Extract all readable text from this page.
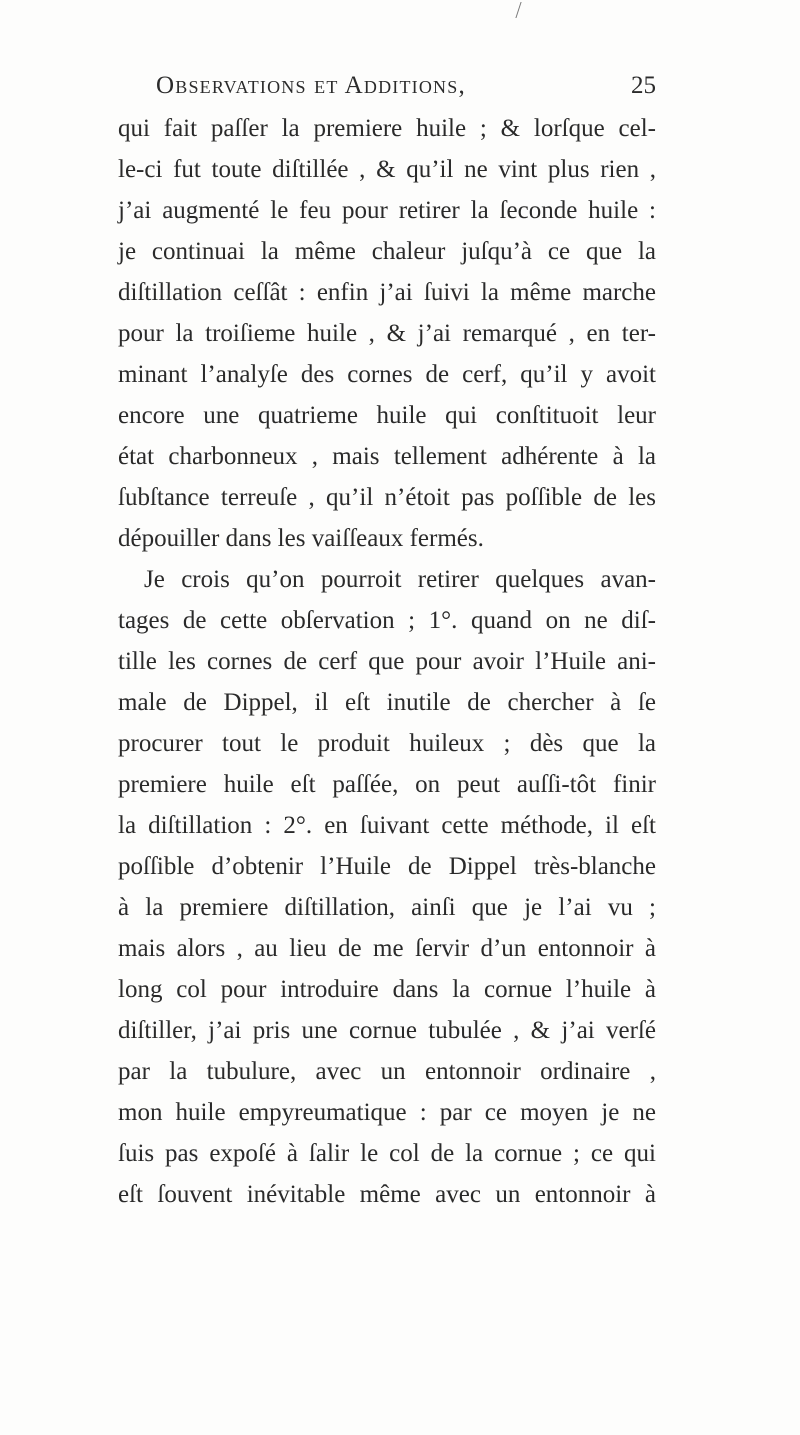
Observations et Additions,	25
qui fait paſſer la premiere huile ; & lorſque cel-
le-ci fut toute diſtillée , & qu’il ne vint plus rien ,
j’ai augmenté le feu pour retirer la ſeconde huile :
je continuai la même chaleur juſqu’à ce que la
diſtillation ceſſât : enfin j’ai ſuivi la même marche
pour la troiſieme huile , & j’ai remarqué , en ter-
minant l’analyſe des cornes de cerf, qu’il y avoit
encore une quatrieme huile qui conſtituoit leur
état charbonneux , mais tellement adhérente à la
ſubſtance terreuſe , qu’il n’étoit pas poſſible de les
dépouiller dans les vaiſſeaux fermés.
Je crois qu’on pourroit retirer quelques avan-
tages de cette obſervation ; 1°. quand on ne diſ-
tille les cornes de cerf que pour avoir l’Huile ani-
male de Dippel, il eſt inutile de chercher à ſe
procurer tout le produit huileux ; dès que la
premiere huile eſt paſſée, on peut auſſi-tôt finir
la diſtillation : 2°. en ſuivant cette méthode, il eſt
poſſible d’obtenir l’Huile de Dippel très-blanche
à la premiere diſtillation, ainſi que je l’ai vu ;
mais alors , au lieu de me ſervir d’un entonnoir à
long col pour introduire dans la cornue l’huile à
diſtiller, j’ai pris une cornue tubulée , & j’ai verſé
par la tubulure, avec un entonnoir ordinaire ,
mon huile empyreumatique : par ce moyen je ne
ſuis pas expoſé à ſalir le col de la cornue ; ce qui
eſt ſouvent inévitable même avec un entonnoir à
